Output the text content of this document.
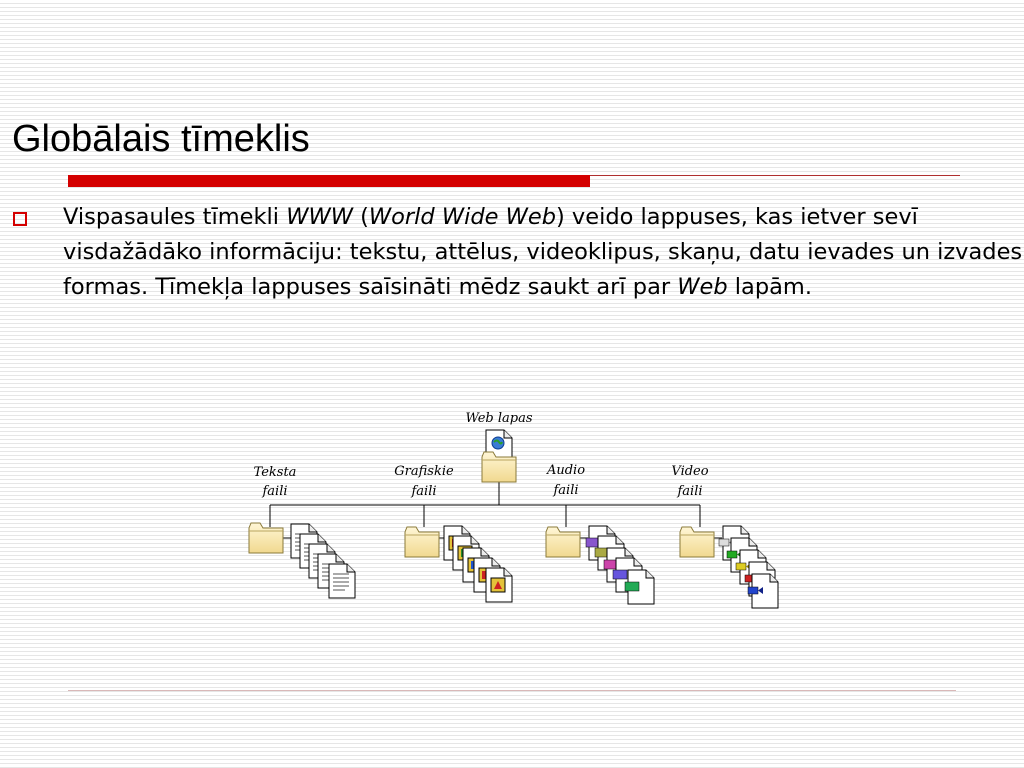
Globālais tīmeklis
Vispasaules tīmekli WWW (World Wide Web) veido lappuses, kas ietver sevī visdažādāko informāciju: tekstu, attēlus, videoklipus, skaņu, datu ievades un izvades formas. Tīmekļa lappuses saīsināti mēdz saukt arī par Web lapām.
Web lapas
Teksta
faili
Grafiskie
faili
Audio
faili
Video
faili
